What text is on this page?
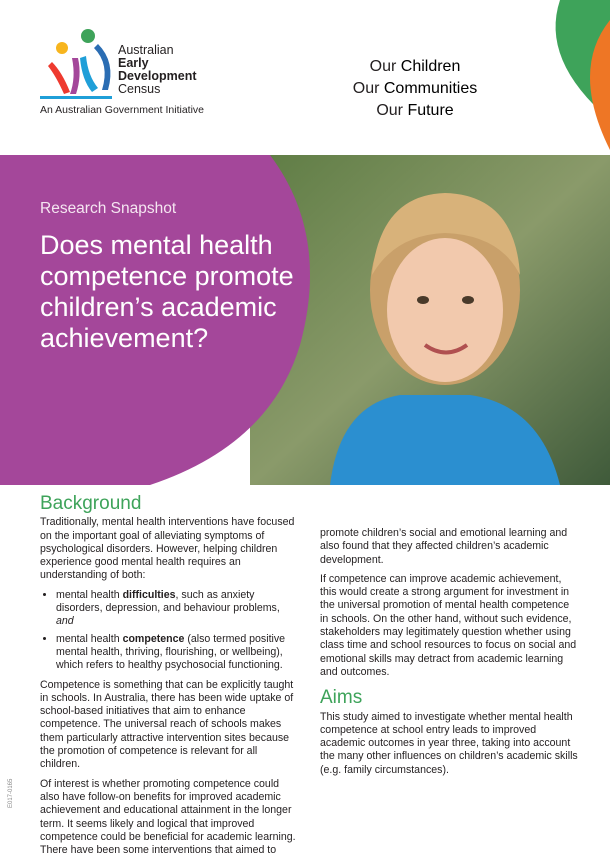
Australian
Early
Development
Census
An Australian Government Initiative
Our Children
Our Communities
Our Future
Research Snapshot
Does mental health competence promote children’s academic achievement?
Background

Traditionally, mental health interventions have focused on the important goal of alleviating symptoms of psychological disorders. However, helping children experience good mental health requires an understanding of both:

• mental health difficulties, such as anxiety disorders, depression, and behaviour problems, and
• mental health competence (also termed positive mental health, thriving, flourishing, or wellbeing), which refers to healthy psychosocial functioning.

Competence is something that can be explicitly taught in schools. In Australia, there has been wide uptake of school-based initiatives that aim to enhance competence. The universal reach of schools makes them particularly attractive intervention sites because the promotion of competence is relevant for all children.

Of interest is whether promoting competence could also have follow-on benefits for improved academic achievement and educational attainment in the longer term. It seems likely and logical that improved competence could be beneficial for academic learning. There have been some interventions that aimed to

promote children’s social and emotional learning and also found that they affected children’s academic development.

If competence can improve academic achievement, this would create a strong argument for investment in the universal promotion of mental health competence in schools. On the other hand, without such evidence, stakeholders may legitimately question whether using class time and school resources to focus on social and emotional skills may detract from academic learning and outcomes.

Aims

This study aimed to investigate whether mental health competence at school entry leads to improved academic outcomes in year three, taking into account the many other influences on children’s academic skills (e.g. family circumstances).

E017-0165
